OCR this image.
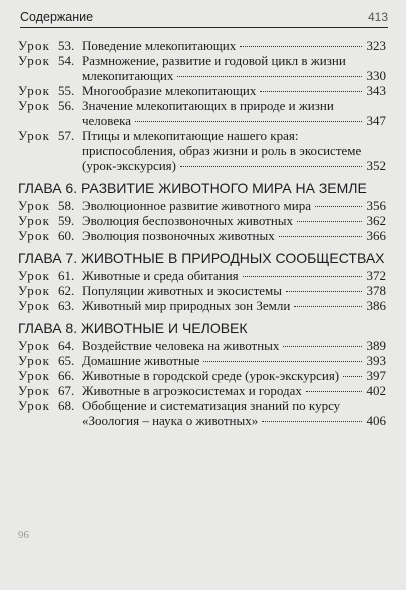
Содержание	413
Урок 53. Поведение млекопитающих	323
Урок 54. Размножение, развитие и годовой цикл в жизни
млекопитающих	330
Урок 55. Многообразие млекопитающих	343
Урок 56. Значение млекопитающих в природе и жизни
человека	347
Урок 57. Птицы и млекопитающие нашего края: приспособления, образ жизни и роль в экосистеме
(урок-экскурсия)	352
ГЛАВА 6. РАЗВИТИЕ ЖИВОТНОГО МИРА НА ЗЕМЛЕ
Урок 58. Эволюционное развитие животного мира	356
Урок 59. Эволюция беспозвоночных животных	362
Урок 60. Эволюция позвоночных животных	366
ГЛАВА 7. ЖИВОТНЫЕ В ПРИРОДНЫХ СООБЩЕСТВАХ
Урок 61. Животные и среда обитания	372
Урок 62. Популяции животных и экосистемы	378
Урок 63. Животный мир природных зон Земли	386
ГЛАВА 8. ЖИВОТНЫЕ И ЧЕЛОВЕК
Урок 64. Воздействие человека на животных	389
Урок 65. Домашние животные	393
Урок 66. Животные в городской среде (урок-экскурсия) 397
Урок 67. Животные в агроэкосистемах и городах	402
Урок 68. Обобщение и систематизация знаний по курсу
«Зоология – наука о животных»	406
96
